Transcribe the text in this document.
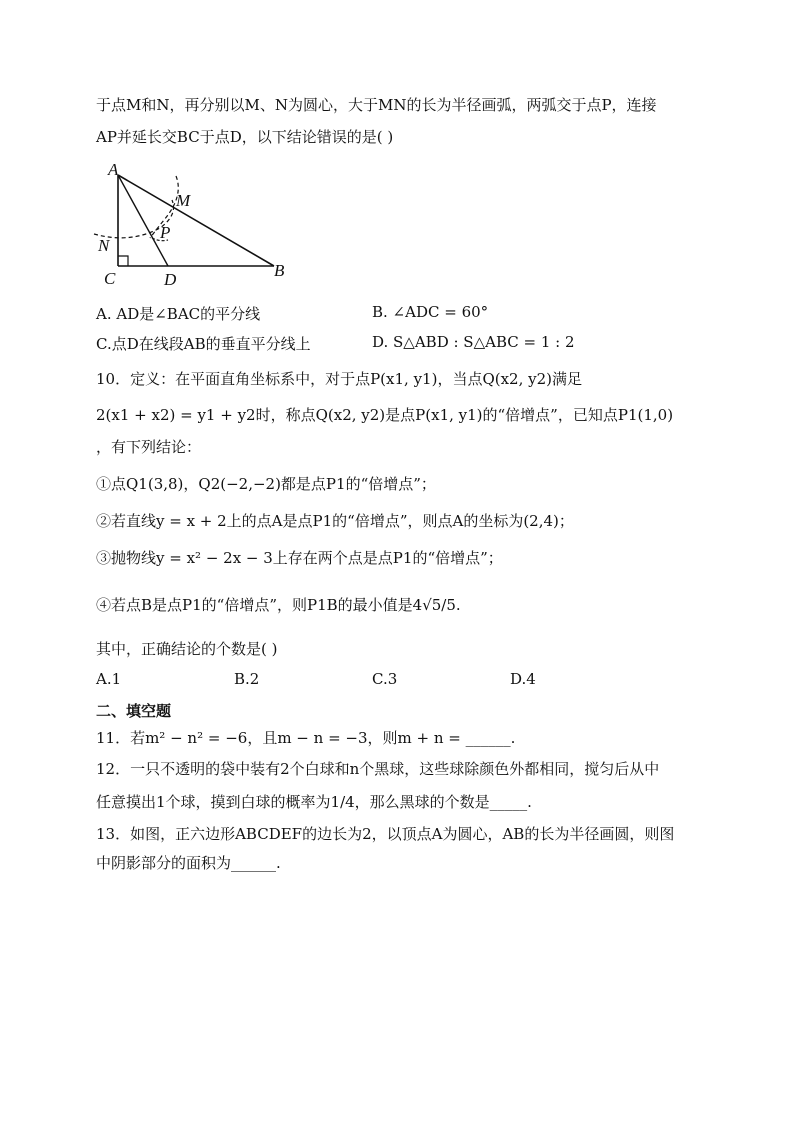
于点M和N，再分别以M、N为圆心，大于MN的长为半径画弧，两弧交于点P，连接
AP并延长交BC于点D，以下结论错误的是( )
A
M
N
P
C	D	B
A. AD是∠BAC的平分线	B. ∠ADC = 60°
C.点D在线段AB的垂直平分线上	D. S△ABD : S△ABC = 1 : 2
10．定义：在平面直角坐标系中，对于点P(x1, y1)，当点Q(x2, y2)满足
2(x1 + x2) = y1 + y2时，称点Q(x2, y2)是点P(x1, y1)的“倍增点”，已知点P1(1,0)
，有下列结论：
①点Q1(3,8)，Q2(−2,−2)都是点P1的“倍增点”；
②若直线y = x + 2上的点A是点P1的“倍增点”，则点A的坐标为(2,4)；
③抛物线y = x² − 2x − 3上存在两个点是点P1的“倍增点”；
④若点B是点P1的“倍增点”，则P1B的最小值是4√5/5.
其中，正确结论的个数是( )
A.1	B.2	C.3	D.4
二、填空题
11．若m² − n² = −6，且m − n = −3，则m + n = ______.
12．一只不透明的袋中装有2个白球和n个黑球，这些球除颜色外都相同，搅匀后从中
任意摸出1个球，摸到白球的概率为1/4，那么黑球的个数是_____.
13．如图，正六边形ABCDEF的边长为2，以顶点A为圆心，AB的长为半径画圆，则图
中阴影部分的面积为______.
